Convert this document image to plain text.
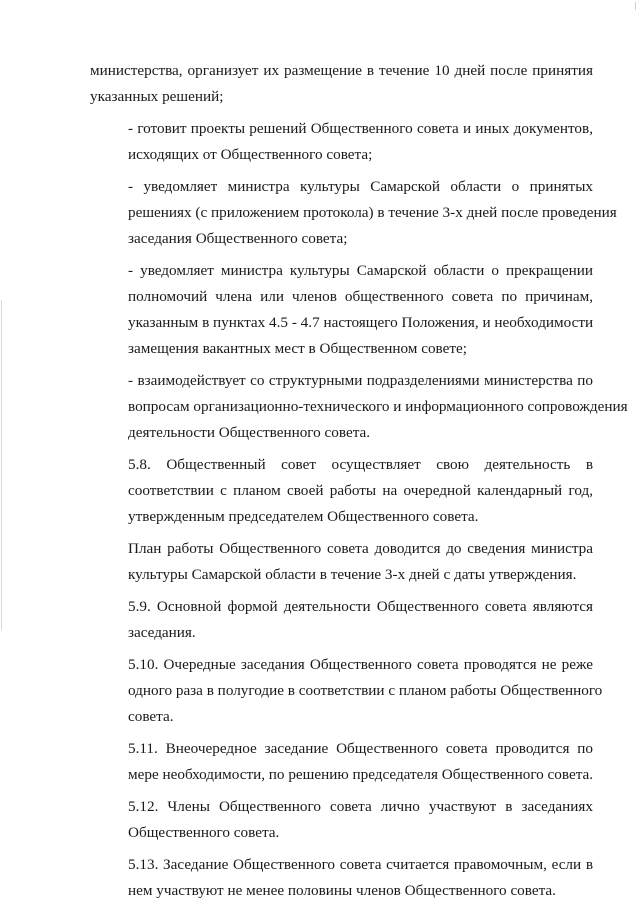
министерства, организует их размещение в течение 10 дней после принятия
указанных решений;

- готовит проекты решений Общественного совета и иных документов,
исходящих от Общественного совета;

- уведомляет министра культуры Самарской области о принятых
решениях (с приложением протокола) в течение 3-х дней после проведения
заседания Общественного совета;

- уведомляет министра культуры Самарской области о прекращении
полномочий члена или членов общественного совета по причинам,
указанным в пунктах 4.5 - 4.7 настоящего Положения, и необходимости
замещения вакантных мест в Общественном совете;

- взаимодействует со структурными подразделениями министерства по
вопросам организационно-технического и информационного сопровождения
деятельности Общественного совета.

5.8. Общественный совет осуществляет свою деятельность в
соответствии с планом своей работы на очередной календарный год,
утвержденным председателем Общественного совета.

План работы Общественного совета доводится до сведения министра
культуры Самарской области в течение 3-х дней с даты утверждения.

5.9. Основной формой деятельности Общественного совета являются
заседания.

5.10. Очередные заседания Общественного совета проводятся не реже
одного раза в полугодие в соответствии с планом работы Общественного
совета.

5.11. Внеочередное заседание Общественного совета проводится по
мере необходимости, по решению председателя Общественного совета.

5.12. Члены Общественного совета лично участвуют в заседаниях
Общественного совета.

5.13. Заседание Общественного совета считается правомочным, если в
нем участвуют не менее половины членов Общественного совета.
